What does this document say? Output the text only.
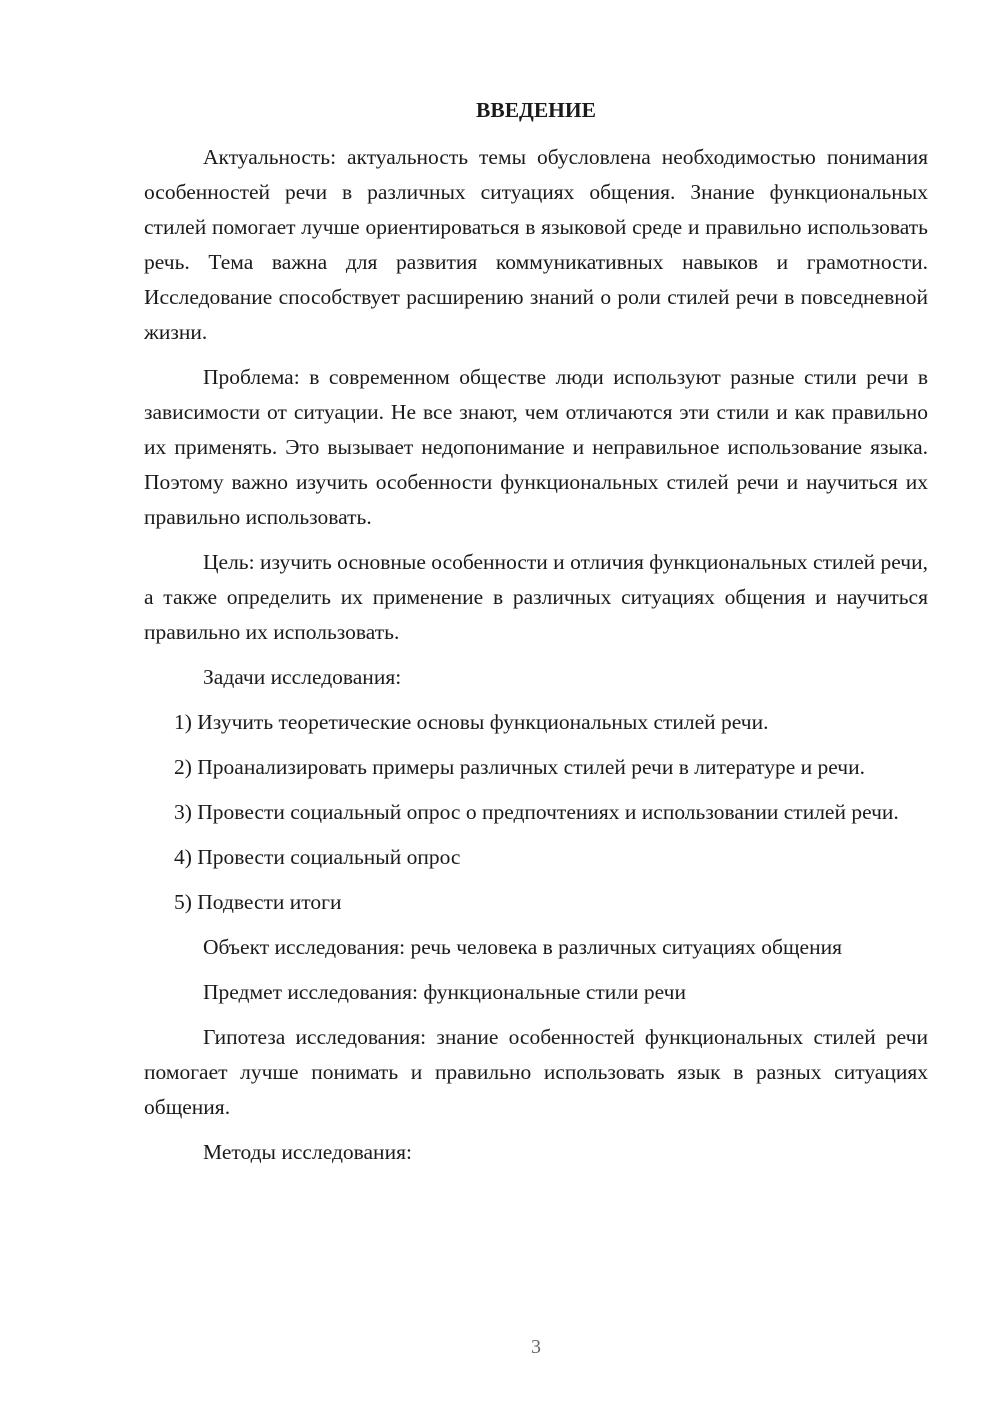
ВВЕДЕНИЕ

Актуальность: актуальность темы обусловлена необходимостью понимания особенностей речи в различных ситуациях общения. Знание функциональных стилей помогает лучше ориентироваться в языковой среде и правильно использовать речь. Тема важна для развития коммуникативных навыков и грамотности. Исследование способствует расширению знаний о роли стилей речи в повседневной жизни.

Проблема: в современном обществе люди используют разные стили речи в зависимости от ситуации. Не все знают, чем отличаются эти стили и как правильно их применять. Это вызывает недопонимание и неправильное использование языка. Поэтому важно изучить особенности функциональных стилей речи и научиться их правильно использовать.

Цель: изучить основные особенности и отличия функциональных стилей речи, а также определить их применение в различных ситуациях общения и научиться правильно их использовать.

Задачи исследования:

1) Изучить теоретические основы функциональных стилей речи.

2) Проанализировать примеры различных стилей речи в литературе и речи.

3) Провести социальный опрос о предпочтениях и использовании стилей речи.

4) Провести социальный опрос

5) Подвести итоги

Объект исследования: речь человека в различных ситуациях общения

Предмет исследования: функциональные стили речи

Гипотеза исследования: знание особенностей функциональных стилей речи помогает лучше понимать и правильно использовать язык в разных ситуациях общения.

Методы исследования:

3
